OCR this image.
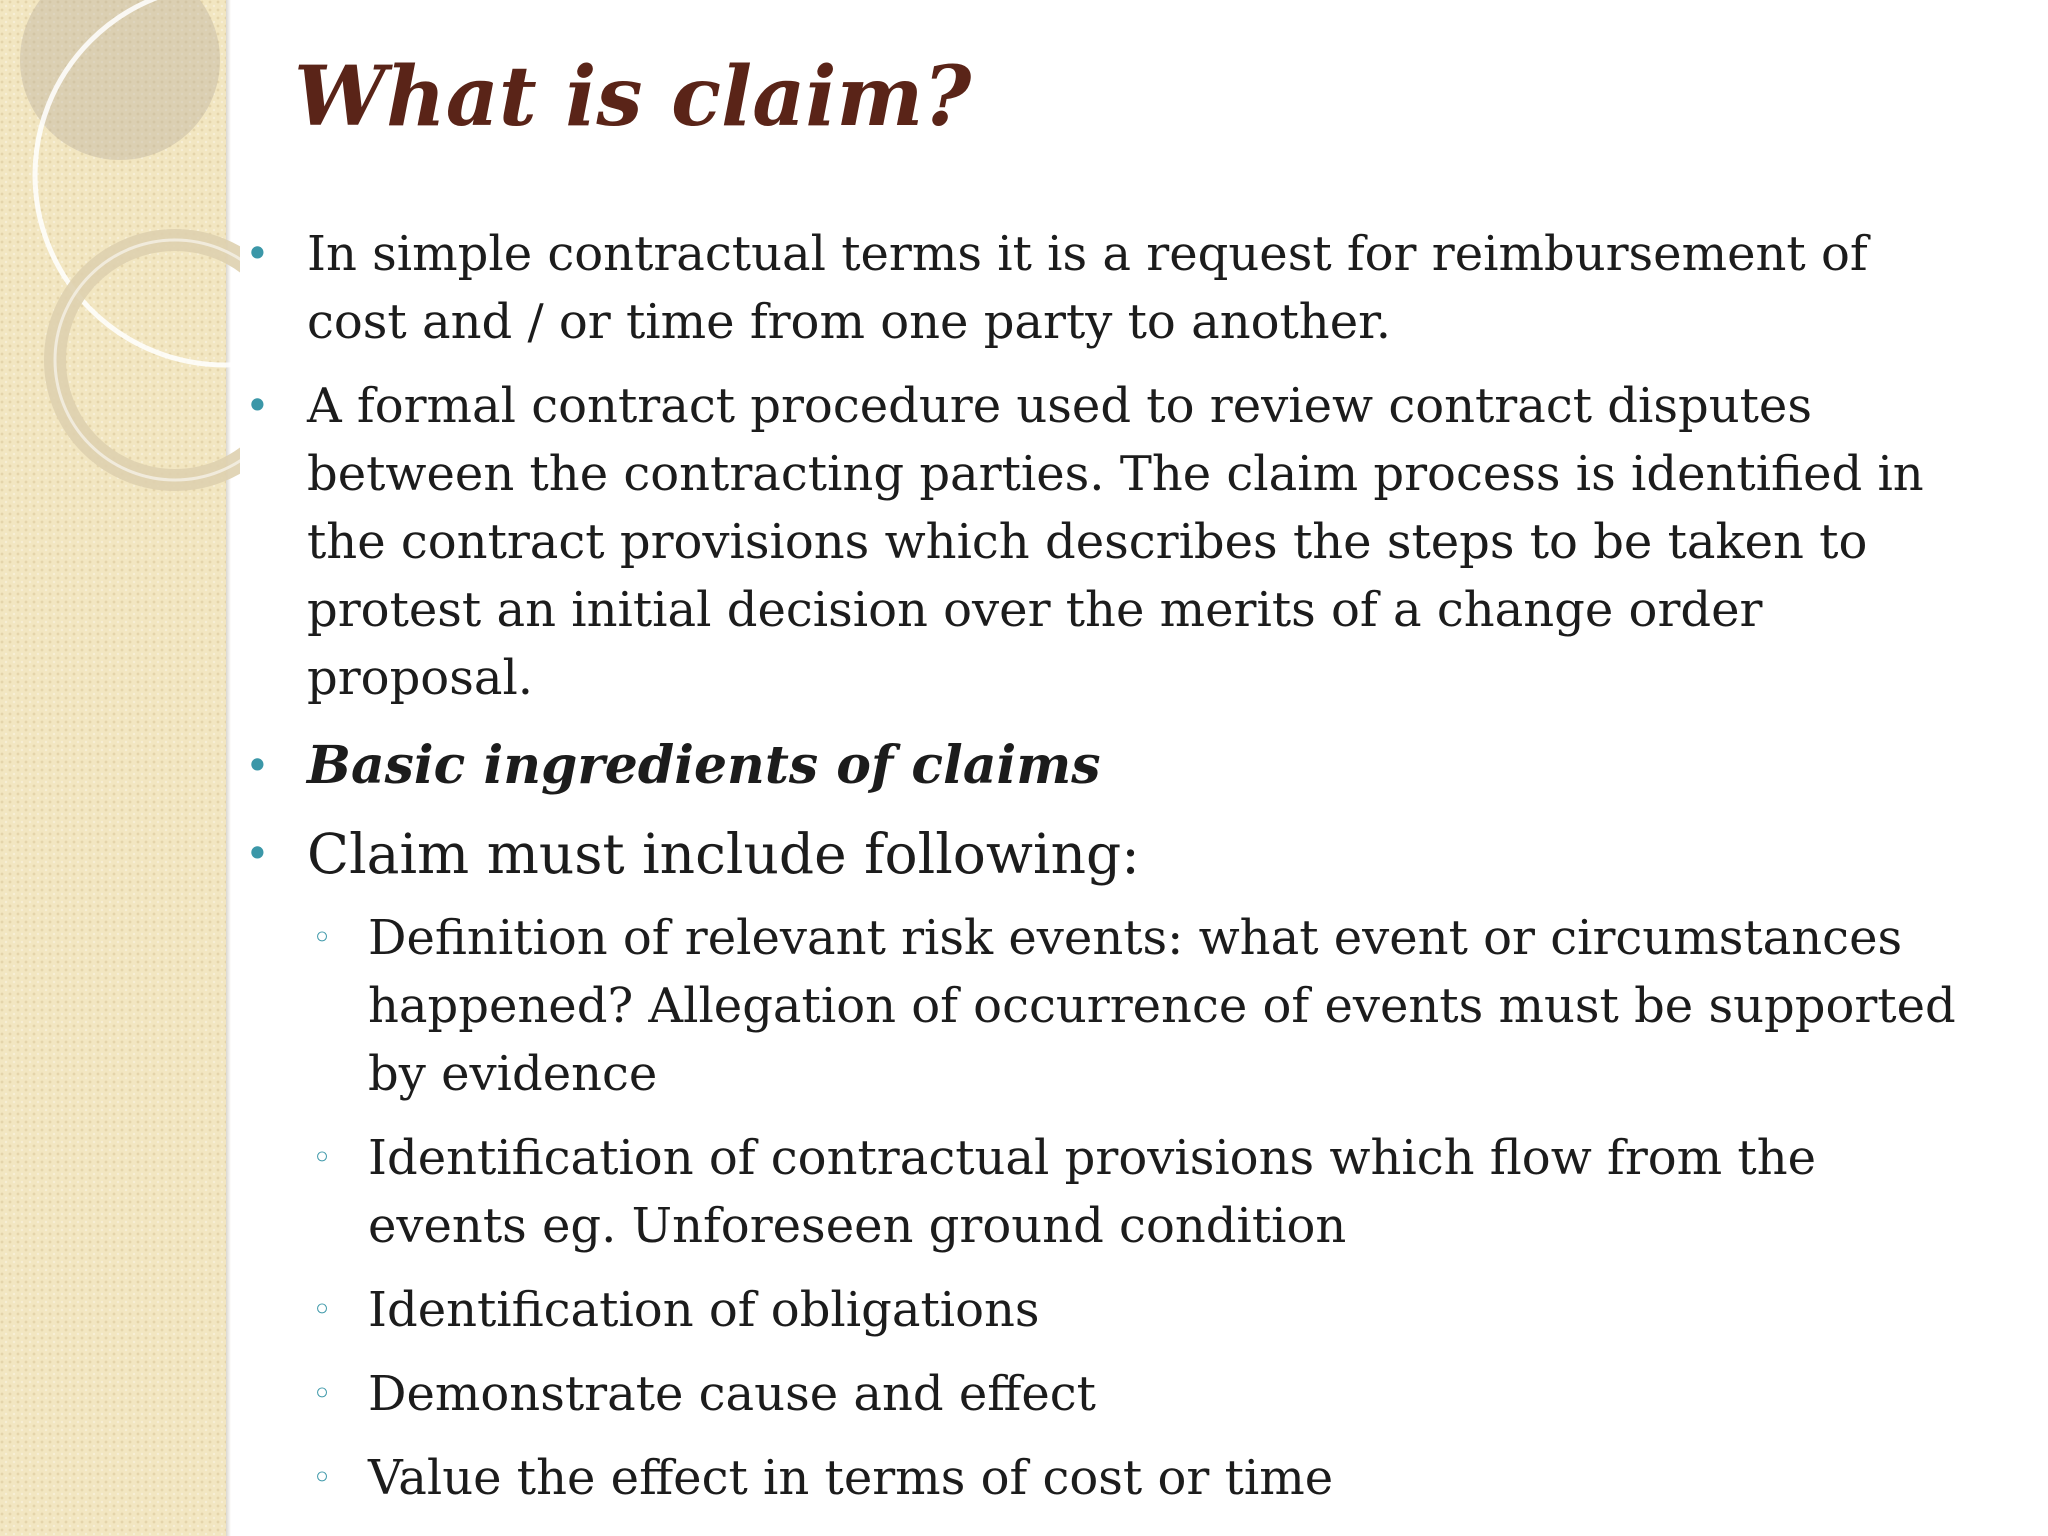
What is claim?
• In simple contractual terms it is a request for reimbursement of cost and / or time from one party to another.
• A formal contract procedure used to review contract disputes between the contracting parties. The claim process is identified in the contract provisions which describes the steps to be taken to protest an initial decision over the merits of a change order proposal.
• Basic ingredients of claims
• Claim must include following:
◦ Definition of relevant risk events: what event or circumstances happened? Allegation of occurrence of events must be supported by evidence
◦ Identification of contractual provisions which flow from the events eg. Unforeseen ground condition
◦ Identification of obligations
◦ Demonstrate cause and effect
◦ Value the effect in terms of cost or time
